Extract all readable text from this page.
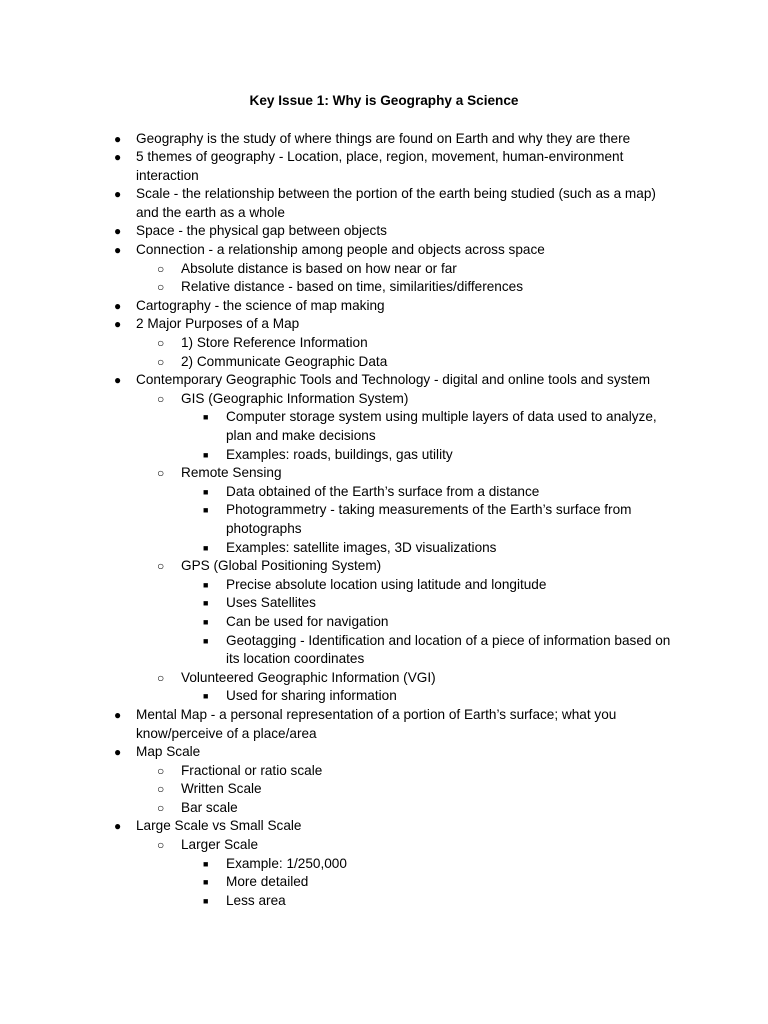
Key Issue 1: Why is Geography a Science
● Geography is the study of where things are found on Earth and why they are there
● 5 themes of geography - Location, place, region, movement, human-environment interaction
● Scale - the relationship between the portion of the earth being studied (such as a map) and the earth as a whole
● Space - the physical gap between objects
● Connection - a relationship among people and objects across space
○ Absolute distance is based on how near or far
○ Relative distance - based on time, similarities/differences
● Cartography - the science of map making
● 2 Major Purposes of a Map
○ 1) Store Reference Information
○ 2) Communicate Geographic Data
● Contemporary Geographic Tools and Technology - digital and online tools and system
○ GIS (Geographic Information System)
■ Computer storage system using multiple layers of data used to analyze, plan and make decisions
■ Examples: roads, buildings, gas utility
○ Remote Sensing
■ Data obtained of the Earth’s surface from a distance
■ Photogrammetry - taking measurements of the Earth’s surface from photographs
■ Examples: satellite images, 3D visualizations
○ GPS (Global Positioning System)
■ Precise absolute location using latitude and longitude
■ Uses Satellites
■ Can be used for navigation
■ Geotagging - Identification and location of a piece of information based on its location coordinates
○ Volunteered Geographic Information (VGI)
■ Used for sharing information
● Mental Map - a personal representation of a portion of Earth’s surface; what you know/perceive of a place/area
● Map Scale
○ Fractional or ratio scale
○ Written Scale
○ Bar scale
● Large Scale vs Small Scale
○ Larger Scale
■ Example: 1/250,000
■ More detailed
■ Less area
